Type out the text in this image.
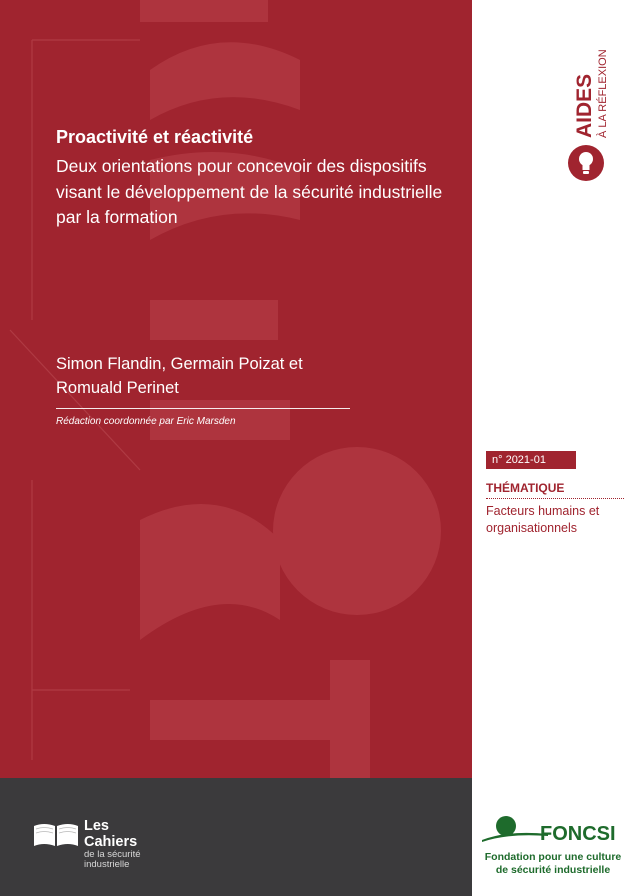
Proactivité et réactivité

Deux orientations pour concevoir des dispositifs visant le développement de la sécurité industrielle par la formation

Simon Flandin, Germain Poizat et
Romuald Perinet
Rédaction coordonnée par Eric Marsden
Les
Cahiers
de la sécurité
industrielle
AIDES À LA RÉFLEXION
n° 2021-01
THÉMATIQUE
Facteurs humains et organisationnels
FONCSI
Fondation pour une culture
de sécurité industrielle
